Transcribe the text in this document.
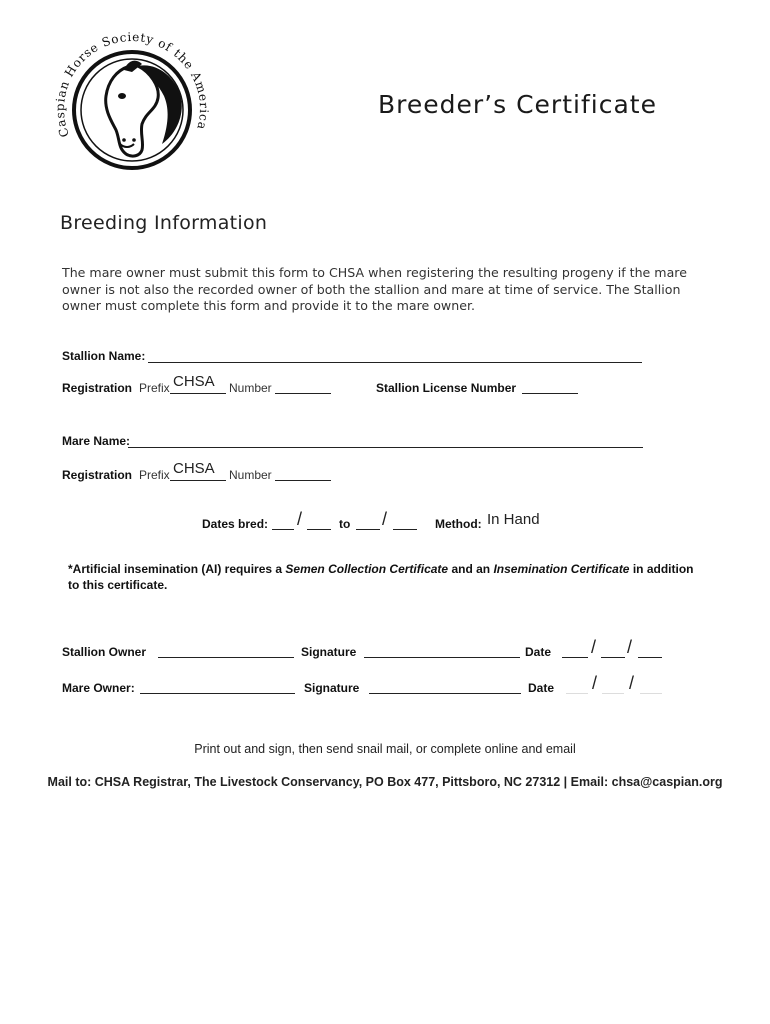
Caspian Horse Society of the America
Breeder’s Certificate
Breeding Information
The mare owner must submit this form to CHSA when registering the resulting progeny if the mare owner is not also the recorded owner of both the stallion and mare at time of service. The Stallion owner must complete this form and provide it to the mare owner.
Stallion Name:
Registration Prefix CHSA Number	Stallion License Number
Mare Name:
Registration Prefix CHSA Number
Dates bred: /	to /	Method: In Hand
*Artificial insemination (AI) requires a Semen Collection Certificate and an Insemination Certificate in addition to this certificate.
Stallion Owner	Signature	Date / /
Mare Owner:	Signature	Date / /
Print out and sign, then send snail mail, or complete online and email
Mail to: CHSA Registrar, The Livestock Conservancy, PO Box 477, Pittsboro, NC 27312 | Email: chsa@caspian.org
